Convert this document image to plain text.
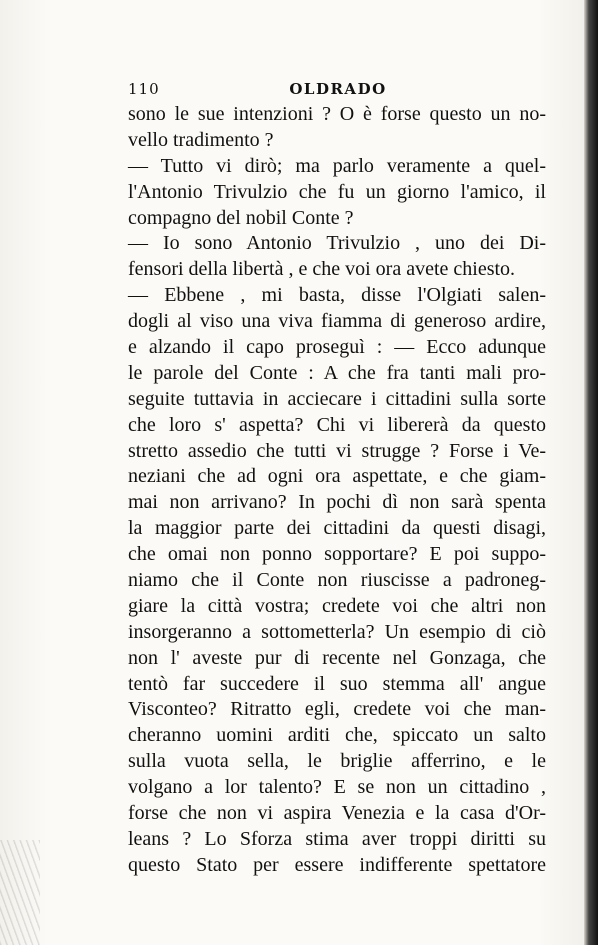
110	OLDRADO
sono le sue intenzioni ? O è forse questo un no-
vello tradimento ?
— Tutto vi dirò; ma parlo veramente a quel-
l'Antonio Trivulzio che fu un giorno l'amico, il
compagno del nobil Conte ?
— Io sono Antonio Trivulzio , uno dei Di-
fensori della libertà , e che voi ora avete chiesto.
— Ebbene , mi basta, disse l'Olgiati salen-
dogli al viso una viva fiamma di generoso ardire,
e alzando il capo proseguì : — Ecco adunque
le parole del Conte : A che fra tanti mali pro-
seguite tuttavia in acciecare i cittadini sulla sorte
che loro s' aspetta? Chi vi libererà da questo
stretto assedio che tutti vi strugge ? Forse i Ve-
neziani che ad ogni ora aspettate, e che giam-
mai non arrivano? In pochi dì non sarà spenta
la maggior parte dei cittadini da questi disagi,
che omai non ponno sopportare? E poi suppo-
niamo che il Conte non riuscisse a padroneg-
giare la città vostra; credete voi che altri non
insorgeranno a sottometterla? Un esempio di ciò
non l' aveste pur di recente nel Gonzaga, che
tentò far succedere il suo stemma all' angue
Visconteo? Ritratto egli, credete voi che man-
cheranno uomini arditi che, spiccato un salto
sulla vuota sella, le briglie afferrino, e le
volgano a lor talento? E se non un cittadino ,
forse che non vi aspira Venezia e la casa d'Or-
leans ? Lo Sforza stima aver troppi diritti su
questo Stato per essere indifferente spettatore
